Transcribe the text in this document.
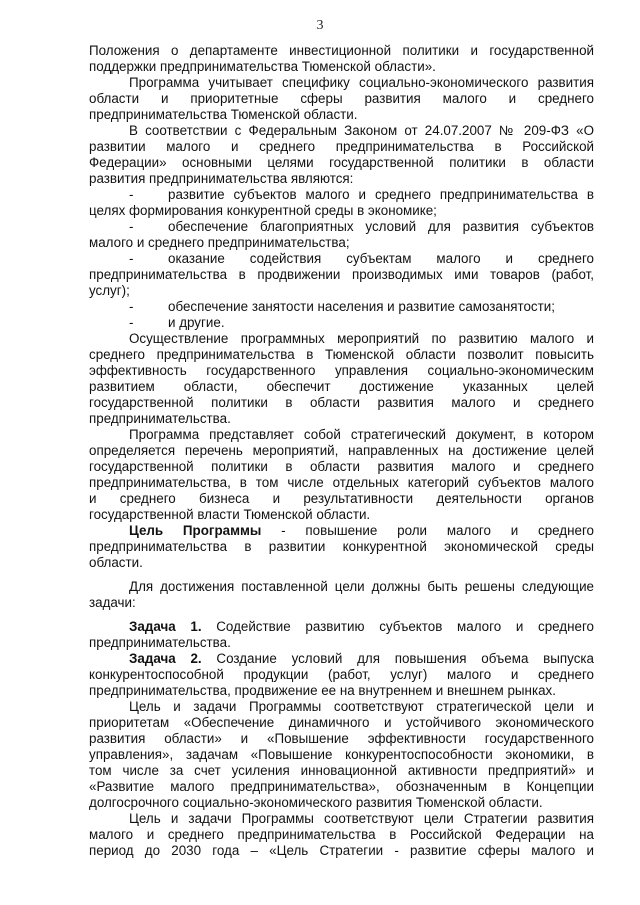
3
Положения о департаменте инвестиционной политики и государственной
поддержки предпринимательства Тюменской области».
Программа учитывает специфику социально-экономического развития
области и приоритетные сферы развития малого и среднего
предпринимательства Тюменской области.
В соответствии с Федеральным Законом от 24.07.2007 № 209-ФЗ «О
развитии малого и среднего предпринимательства в Российской
Федерации» основными целями государственной политики в области
развития предпринимательства являются:
-	развитие субъектов малого и среднего предпринимательства в
целях формирования конкурентной среды в экономике;
-	обеспечение благоприятных условий для развития субъектов
малого и среднего предпринимательства;
-	оказание содействия субъектам малого и среднего
предпринимательства в продвижении производимых ими товаров (работ,
услуг);
-	обеспечение занятости населения и развитие самозанятости;
-	и другие.
Осуществление программных мероприятий по развитию малого и
среднего предпринимательства в Тюменской области позволит повысить
эффективность государственного управления социально-экономическим
развитием области, обеспечит достижение указанных целей
государственной политики в области развития малого и среднего
предпринимательства.
Программа представляет собой стратегический документ, в котором
определяется перечень мероприятий, направленных на достижение целей
государственной политики в области развития малого и среднего
предпринимательства, в том числе отдельных категорий субъектов малого
и среднего бизнеса и результативности деятельности органов
государственной власти Тюменской области.
Цель Программы - повышение роли малого и среднего
предпринимательства в развитии конкурентной экономической среды
области.
Для достижения поставленной цели должны быть решены следующие
задачи:
Задача 1. Содействие развитию субъектов малого и среднего
предпринимательства.
Задача 2. Создание условий для повышения объема выпуска
конкурентоспособной продукции (работ, услуг) малого и среднего
предпринимательства, продвижение ее на внутреннем и внешнем рынках.
Цель и задачи Программы соответствуют стратегической цели и
приоритетам «Обеспечение динамичного и устойчивого экономического
развития области» и «Повышение эффективности государственного
управления», задачам «Повышение конкурентоспособности экономики, в
том числе за счет усиления инновационной активности предприятий» и
«Развитие малого предпринимательства», обозначенным в Концепции
долгосрочного социально-экономического развития Тюменской области.
Цель и задачи Программы соответствуют цели Стратегии развития
малого и среднего предпринимательства в Российской Федерации на
период до 2030 года – «Цель Стратегии - развитие сферы малого и
